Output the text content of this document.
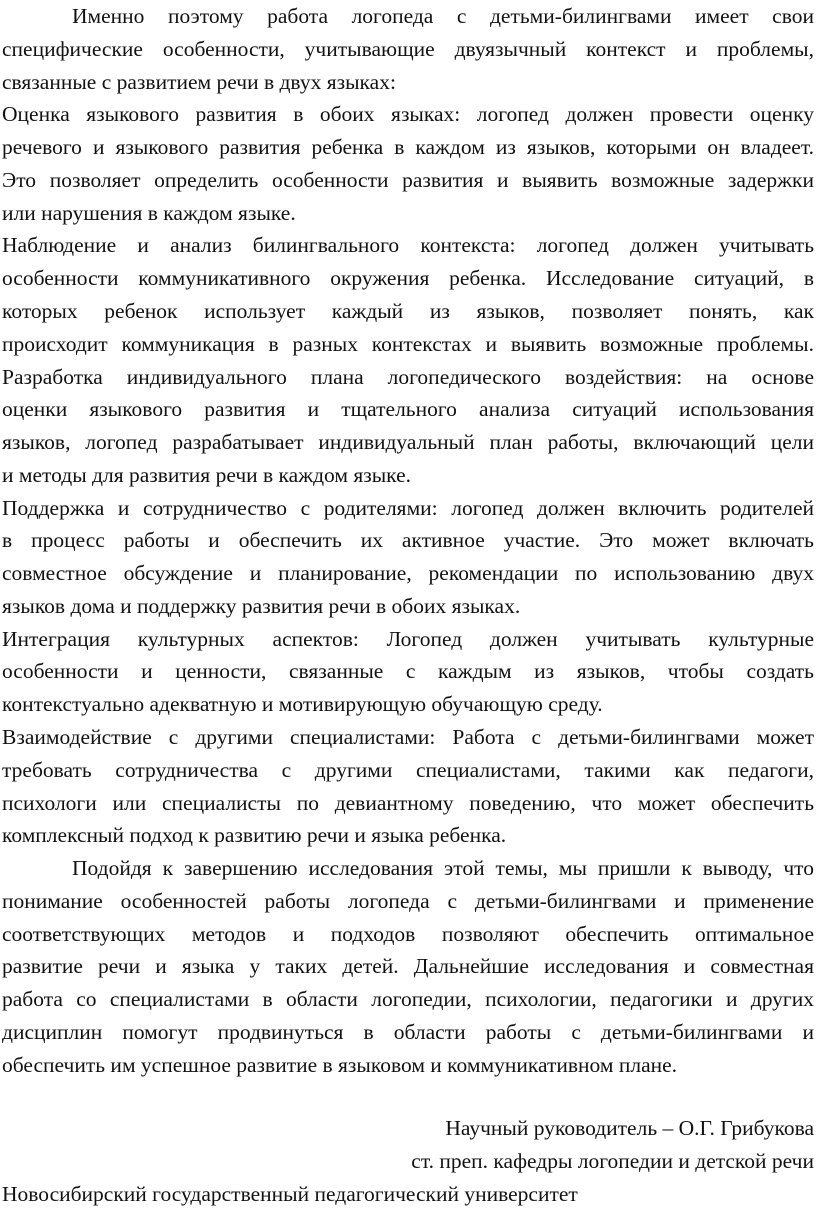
Именно поэтому работа логопеда с детьми-билингвами имеет свои
специфические особенности, учитывающие двуязычный контекст и проблемы,
связанные с развитием речи в двух языках:
Оценка языкового развития в обоих языках: логопед должен провести оценку
речевого и языкового развития ребенка в каждом из языков, которыми он владеет.
Это позволяет определить особенности развития и выявить возможные задержки
или нарушения в каждом языке.
Наблюдение и анализ билингвального контекста: логопед должен учитывать
особенности коммуникативного окружения ребенка. Исследование ситуаций, в
которых ребенок использует каждый из языков, позволяет понять, как
происходит коммуникация в разных контекстах и выявить возможные проблемы.
Разработка индивидуального плана логопедического воздействия: на основе
оценки языкового развития и тщательного анализа ситуаций использования
языков, логопед разрабатывает индивидуальный план работы, включающий цели
и методы для развития речи в каждом языке.
Поддержка и сотрудничество с родителями: логопед должен включить родителей
в процесс работы и обеспечить их активное участие. Это может включать
совместное обсуждение и планирование, рекомендации по использованию двух
языков дома и поддержку развития речи в обоих языках.
Интеграция культурных аспектов: Логопед должен учитывать культурные
особенности и ценности, связанные с каждым из языков, чтобы создать
контекстуально адекватную и мотивирующую обучающую среду.
Взаимодействие с другими специалистами: Работа с детьми-билингвами может
требовать сотрудничества с другими специалистами, такими как педагоги,
психологи или специалисты по девиантному поведению, что может обеспечить
комплексный подход к развитию речи и языка ребенка.
Подойдя к завершению исследования этой темы, мы пришли к выводу, что
понимание особенностей работы логопеда с детьми-билингвами и применение
соответствующих методов и подходов позволяют обеспечить оптимальное
развитие речи и языка у таких детей. Дальнейшие исследования и совместная
работа со специалистами в области логопедии, психологии, педагогики и других
дисциплин помогут продвинуться в области работы с детьми-билингвами и
обеспечить им успешное развитие в языковом и коммуникативном плане.
Научный руководитель – О.Г. Грибукова
ст. преп. кафедры логопедии и детской речи
Новосибирский государственный педагогический университет
